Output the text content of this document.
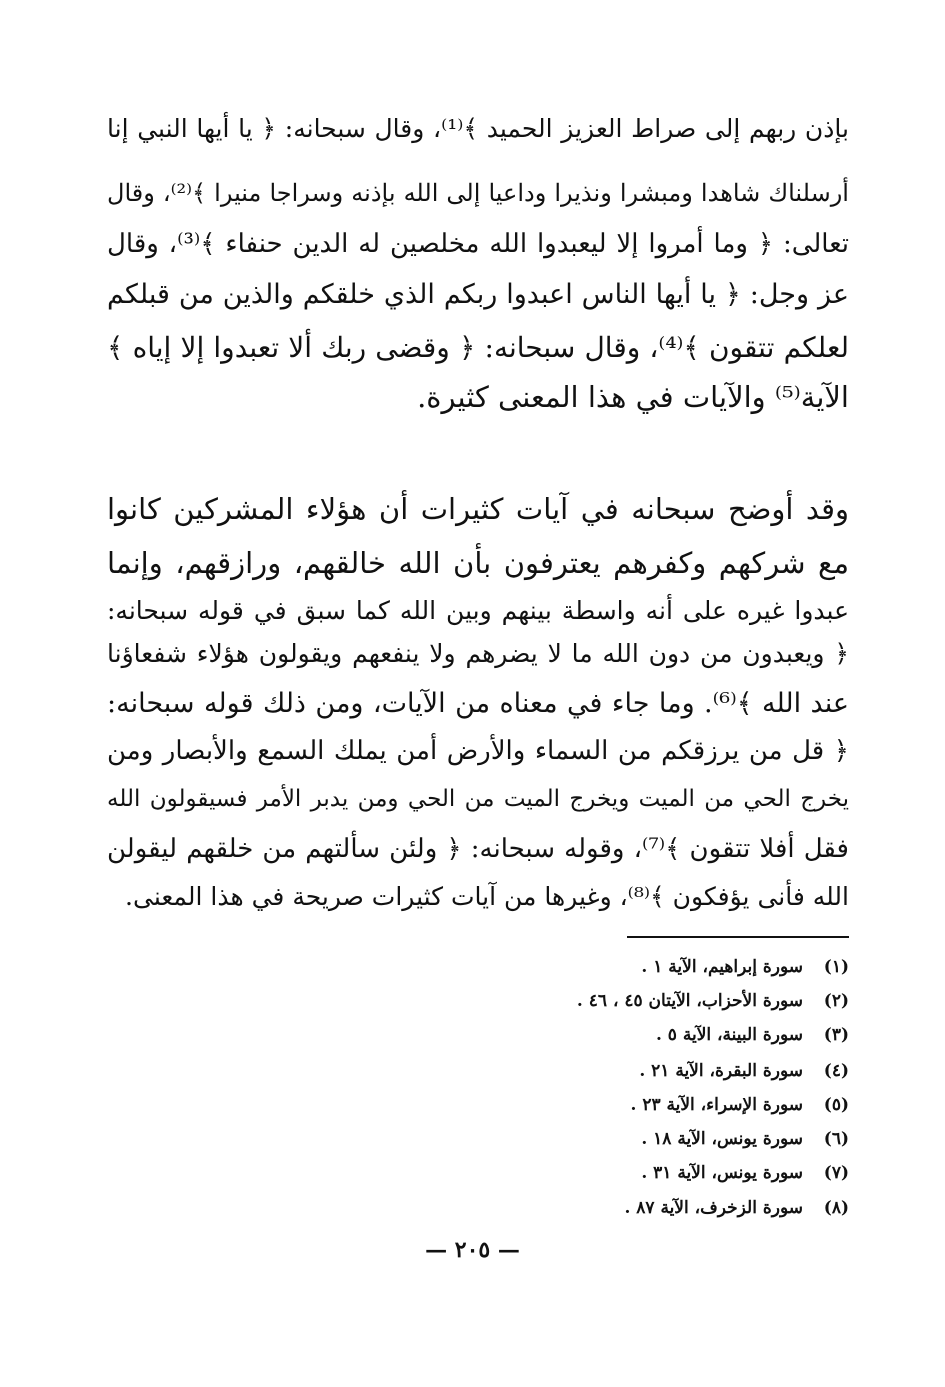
بإذن ربهم إلى صراط العزيز الحميد ﴾⁽¹⁾، وقال سبحانه: ﴿ يا أيها النبي إنا
أرسلناك شاهدا ومبشرا ونذيرا وداعيا إلى الله بإذنه وسراجا منيرا ﴾⁽²⁾، وقال
تعالى: ﴿ وما أمروا إلا ليعبدوا الله مخلصين له الدين حنفاء ﴾⁽³⁾، وقال
عز وجل: ﴿ يا أيها الناس اعبدوا ربكم الذي خلقكم والذين من قبلكم
لعلكم تتقون ﴾⁽⁴⁾، وقال سبحانه: ﴿ وقضى ربك ألا تعبدوا إلا إياه ﴾
الآية⁽⁵⁾ والآيات في هذا المعنى كثيرة.
وقد أوضح سبحانه في آيات كثيرات أن هؤلاء المشركين كانوا
مع شركهم وكفرهم يعترفون بأن الله خالقهم، ورازقهم، وإنما
عبدوا غيره على أنه واسطة بينهم وبين الله كما سبق في قوله سبحانه:
﴿ ويعبدون من دون الله ما لا يضرهم ولا ينفعهم ويقولون هؤلاء شفعاؤنا
عند الله ﴾⁽⁶⁾. وما جاء في معناه من الآيات، ومن ذلك قوله سبحانه:
﴿ قل من يرزقكم من السماء والأرض أمن يملك السمع والأبصار ومن
يخرج الحي من الميت ويخرج الميت من الحي ومن يدبر الأمر فسيقولون الله
فقل أفلا تتقون ﴾⁽⁷⁾، وقوله سبحانه: ﴿ ولئن سألتهم من خلقهم ليقولن
الله فأنى يؤفكون ﴾⁽⁸⁾، وغيرها من آيات كثيرات صريحة في هذا المعنى.
(١)
سورة إبراهيم، الآية ١ .
(٢)
سورة الأحزاب، الآيتان ٤٥ ، ٤٦ .
(٣)
سورة البينة، الآية ٥ .
(٤)
سورة البقرة، الآية ٢١ .
(٥)
سورة الإسراء، الآية ٢٣ .
(٦)
سورة يونس، الآية ١٨ .
(٧)
سورة يونس، الآية ٣١ .
(٨)
سورة الزخرف، الآية ٨٧ .
— ٢٠٥ —
